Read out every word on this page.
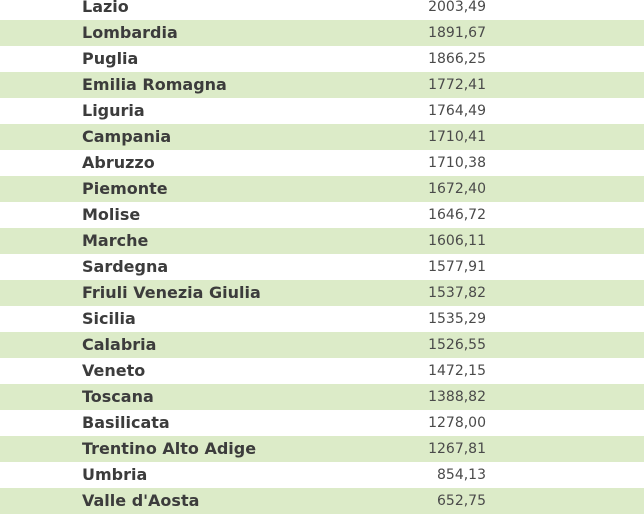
Lazio	2003,49
Lombardia	1891,67
Puglia	1866,25
Emilia Romagna	1772,41
Liguria	1764,49
Campania	1710,41
Abruzzo	1710,38
Piemonte	1672,40
Molise	1646,72
Marche	1606,11
Sardegna	1577,91
Friuli Venezia Giulia	1537,82
Sicilia	1535,29
Calabria	1526,55
Veneto	1472,15
Toscana	1388,82
Basilicata	1278,00
Trentino Alto Adige	1267,81
Umbria	854,13
Valle d'Aosta	652,75
